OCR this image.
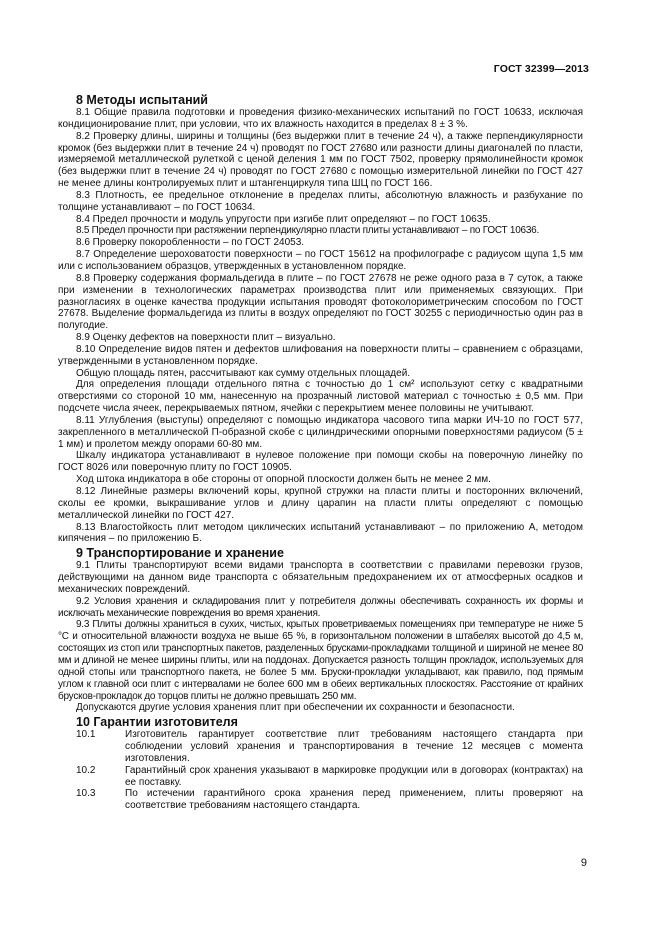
ГОСТ 32399—2013
8 Методы испытаний

8.1 Общие правила подготовки и проведения физико-механических испытаний по ГОСТ 10633, исключая кондиционирование плит, при условии, что их влажность находится в пределах 8 ± 3 %.

8.2 Проверку длины, ширины и толщины (без выдержки плит в течение 24 ч), а также перпендикулярности кромок (без выдержки плит в течение 24 ч) проводят по ГОСТ 27680 или разности длины диагоналей по пласти, измеряемой металлической рулеткой с ценой деления 1 мм по ГОСТ 7502, проверку прямолинейности кромок (без выдержки плит в течение 24 ч) проводят по ГОСТ 27680 с помощью измерительной линейки по ГОСТ 427 не менее длины контролируемых плит и штангенциркуля типа ШЦ по ГОСТ 166.

8.3 Плотность, ее предельное отклонение в пределах плиты, абсолютную влажность и разбухание по толщине устанавливают – по ГОСТ 10634.

8.4 Предел прочности и модуль упругости при изгибе плит определяют – по ГОСТ 10635.

8.5 Предел прочности при растяжении перпендикулярно пласти плиты устанавливают – по ГОСТ 10636.

8.6 Проверку покоробленности – по ГОСТ 24053.

8.7 Определение шероховатости поверхности – по ГОСТ 15612 на профилографе с радиусом щупа 1,5 мм или с использованием образцов, утвержденных в установленном порядке.

8.8 Проверку содержания формальдегида в плите – по ГОСТ 27678 не реже одного раза в 7 суток, а также при изменении в технологических параметрах производства плит или применяемых связующих. При разногласиях в оценке качества продукции испытания проводят фотоколориметрическим способом по ГОСТ 27678. Выделение формальдегида из плиты в воздух определяют по ГОСТ 30255 с периодичностью один раз в полугодие.

8.9 Оценку дефектов на поверхности плит – визуально.

8.10 Определение видов пятен и дефектов шлифования на поверхности плиты – сравнением с образцами, утвержденными в установленном порядке.

Общую площадь пятен, рассчитывают как сумму отдельных площадей.

Для определения площади отдельного пятна с точностью до 1 см² используют сетку с квадратными отверстиями со стороной 10 мм, нанесенную на прозрачный листовой материал с точностью ± 0,5 мм. При подсчете числа ячеек, перекрываемых пятном, ячейки с перекрытием менее половины не учитывают.

8.11 Углубления (выступы) определяют с помощью индикатора часового типа марки ИЧ-10 по ГОСТ 577, закрепленного в металлической П-образной скобе с цилиндрическими опорными поверхностями радиусом (5 ± 1 мм) и пролетом между опорами 60-80 мм.

Шкалу индикатора устанавливают в нулевое положение при помощи скобы на поверочную линейку по ГОСТ 8026 или поверочную плиту по ГОСТ 10905.

Ход штока индикатора в обе стороны от опорной плоскости должен быть не менее 2 мм.

8.12 Линейные размеры включений коры, крупной стружки на пласти плиты и посторонних включений, сколы ее кромки, выкрашивание углов и длину царапин на пласти плиты определяют с помощью металлической линейки по ГОСТ 427.

8.13 Влагостойкость плит методом циклических испытаний устанавливают – по приложению А, методом кипячения – по приложению Б.

9 Транспортирование и хранение

9.1 Плиты транспортируют всеми видами транспорта в соответствии с правилами перевозки грузов, действующими на данном виде транспорта с обязательным предохранением их от атмосферных осадков и механических повреждений.

9.2 Условия хранения и складирования плит у потребителя должны обеспечивать сохранность их формы и исключать механические повреждения во время хранения.

9.3 Плиты должны храниться в сухих, чистых, крытых проветриваемых помещениях при температуре не ниже 5 °С и относительной влажности воздуха не выше 65 %, в горизонтальном положении в штабелях высотой до 4,5 м, состоящих из стоп или транспортных пакетов, разделенных брусками-прокладками толщиной и шириной не менее 80 мм и длиной не менее ширины плиты, или на поддонах. Допускается разность толщин прокладок, используемых для одной стопы или транспортного пакета, не более 5 мм. Бруски-прокладки укладывают, как правило, под прямым углом к главной оси плит с интервалами не более 600 мм в обеих вертикальных плоскостях. Расстояние от крайних брусков-прокладок до торцов плиты не должно превышать 250 мм.

Допускаются другие условия хранения плит при обеспечении их сохранности и безопасности.

10 Гарантии изготовителя
10.1	Изготовитель гарантирует соответствие плит требованиям настоящего стандарта при соблюдении условий хранения и транспортирования в течение 12 месяцев с момента изготовления.
10.2	Гарантийный срок хранения указывают в маркировке продукции или в договорах (контрактах) на ее поставку.
10.3	По истечении гарантийного срока хранения перед применением, плиты проверяют на соответствие требованиям настоящего стандарта.
9
